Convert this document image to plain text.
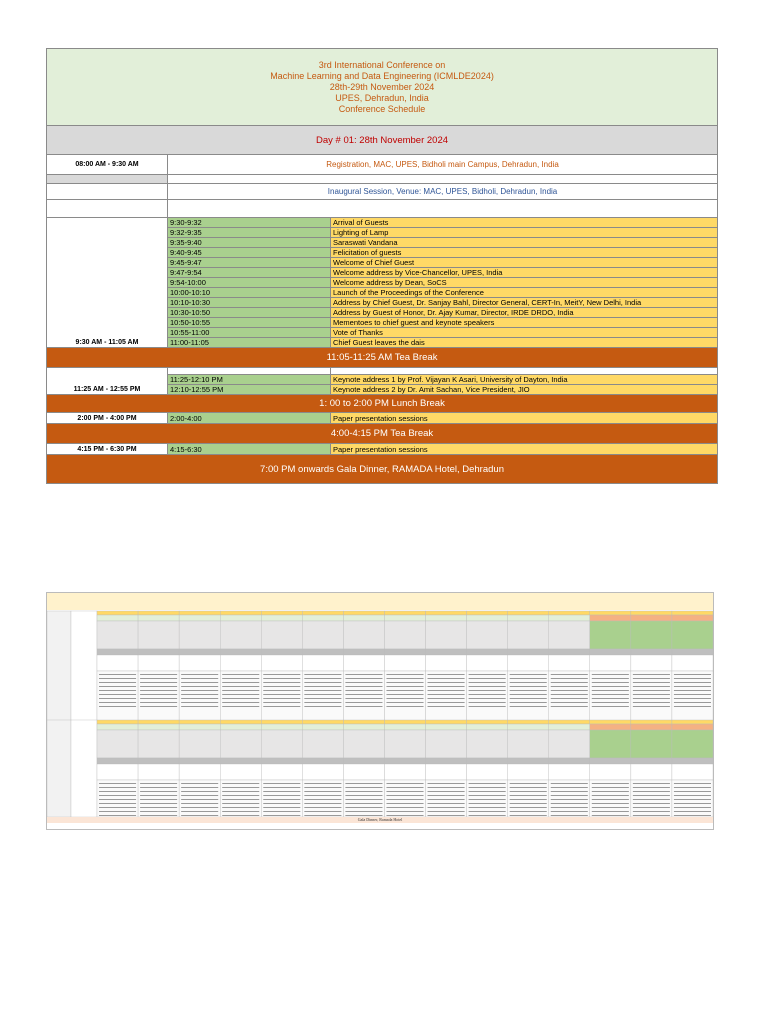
3rd International Conference on
Machine Learning and Data Engineering (ICMLDE2024)
28th-29th November 2024
UPES, Dehradun, India
Conference Schedule		

Day # 01: 28th November 2024		
08:00 AM - 9:30 AM	Registration, MAC, UPES, Bidholi main Campus, Dehradun, India	

	Inaugural Session, Venue: MAC, UPES, Bidholi, Dehradun, India	

9:30 AM - 11:05 AM	9:30-9:32	Arrival of Guests
	9:32-9:35	Lighting of Lamp
	9:35-9:40	Saraswati Vandana
	9:40-9:45	Felicitation of guests
	9:45-9:47	Welcome of Chief Guest
	9:47-9:54	Welcome address by Vice-Chancellor, UPES, India
	9:54-10:00	Welcome address by Dean, SoCS
	10:00-10:10	Launch of the Proceedings of the Conference
	10:10-10:30	Address by Chief Guest, Dr. Sanjay Bahl, Director General, CERT-In, MeitY, New Delhi, India
	10:30-10:50	Address by Guest of Honor, Dr. Ajay Kumar, Director, IRDE DRDO, India
	10:50-10:55	Mementoes to chief guest and keynote speakers
	10:55-11:00	Vote of Thanks
	11:00-11:05	Chief Guest leaves the dais
11:05-11:25 AM Tea Break		
11:25 AM - 12:55 PM		
	11:25-12:10 PM	Keynote address 1 by Prof. Vijayan K Asari, University of Dayton, India
	12:10-12:55 PM	Keynote address 2 by Dr. Amit Sachan, Vice President, JIO
1: 00 to 2:00 PM Lunch Break		
2:00 PM - 4:00 PM	2:00-4:00	Paper presentation sessions
4:00-4:15 PM Tea Break		
4:15 PM - 6:30 PM	4:15-6:30	Paper presentation sessions
7:00 PM onwards Gala Dinner, RAMADA Hotel, Dehradun		
Gala Dinner, Ramada Hotel
